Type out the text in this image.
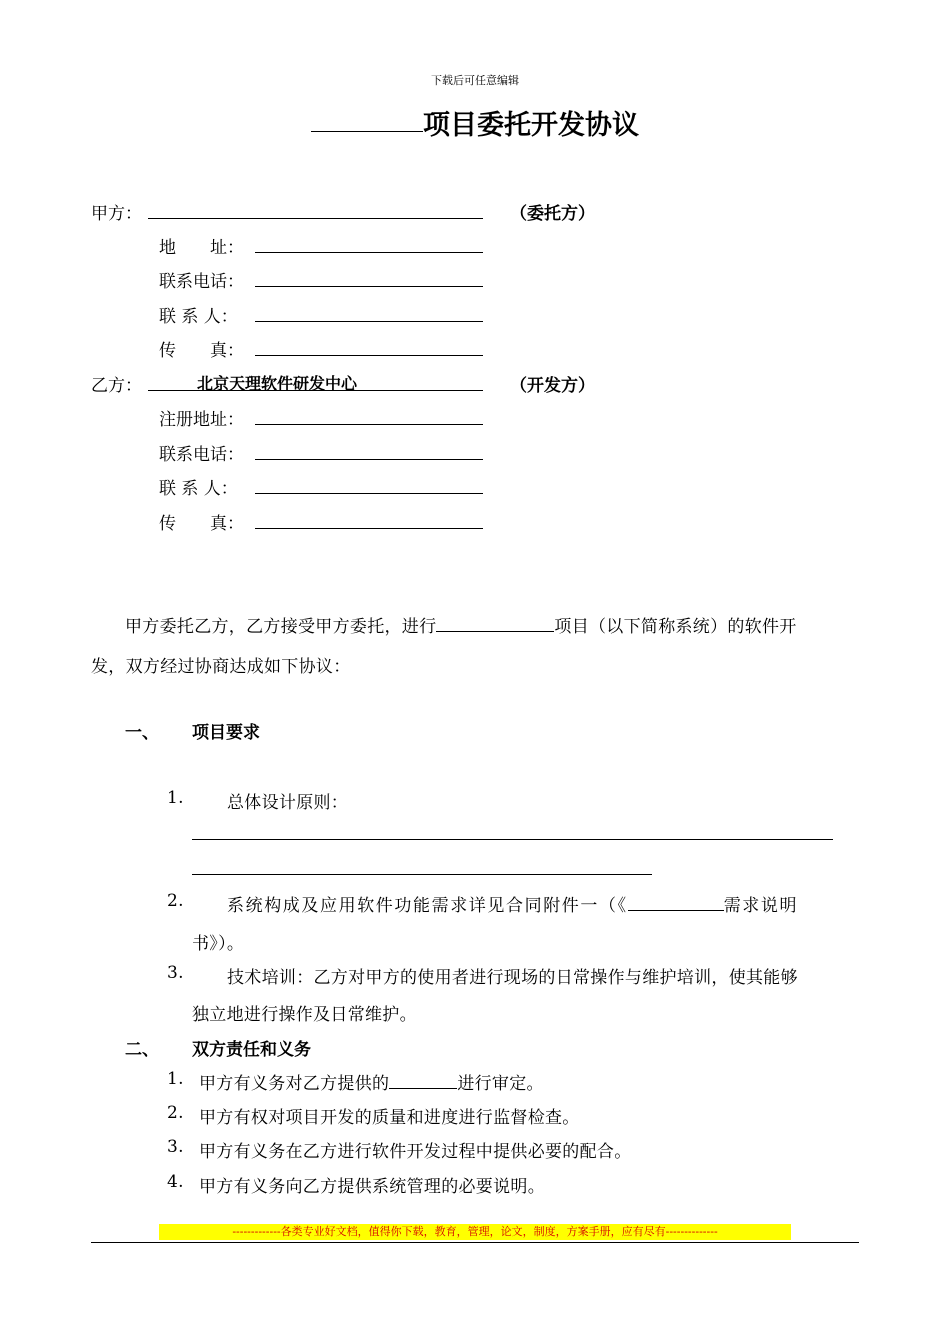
下载后可任意编辑
项目委托开发协议
甲方：	（委托方）
地　　址：
联系电话：
联 系 人：
传　　真：
乙方：	北京天理软件研发中心	（开发方）
注册地址：
联系电话：
联 系 人：
传　　真：
甲方委托乙方，乙方接受甲方委托，进行	项目（以下简称系统）的软件开
发，双方经过协商达成如下协议：
一、 项目要求
1.	总体设计原则：
2.	系统构成及应用软件功能需求详见合同附件一（《	需求说明
书》）。
3.	技术培训：乙方对甲方的使用者进行现场的日常操作与维护培训，使其能够
独立地进行操作及日常维护。
二、 双方责任和义务
1. 甲方有义务对乙方提供的	进行审定。
2. 甲方有权对项目开发的质量和进度进行监督检查。
3. 甲方有义务在乙方进行软件开发过程中提供必要的配合。
4. 甲方有义务向乙方提供系统管理的必要说明。
-------------各类专业好文档，值得你下载，教育，管理，论文，制度，方案手册，应有尽有--------------
